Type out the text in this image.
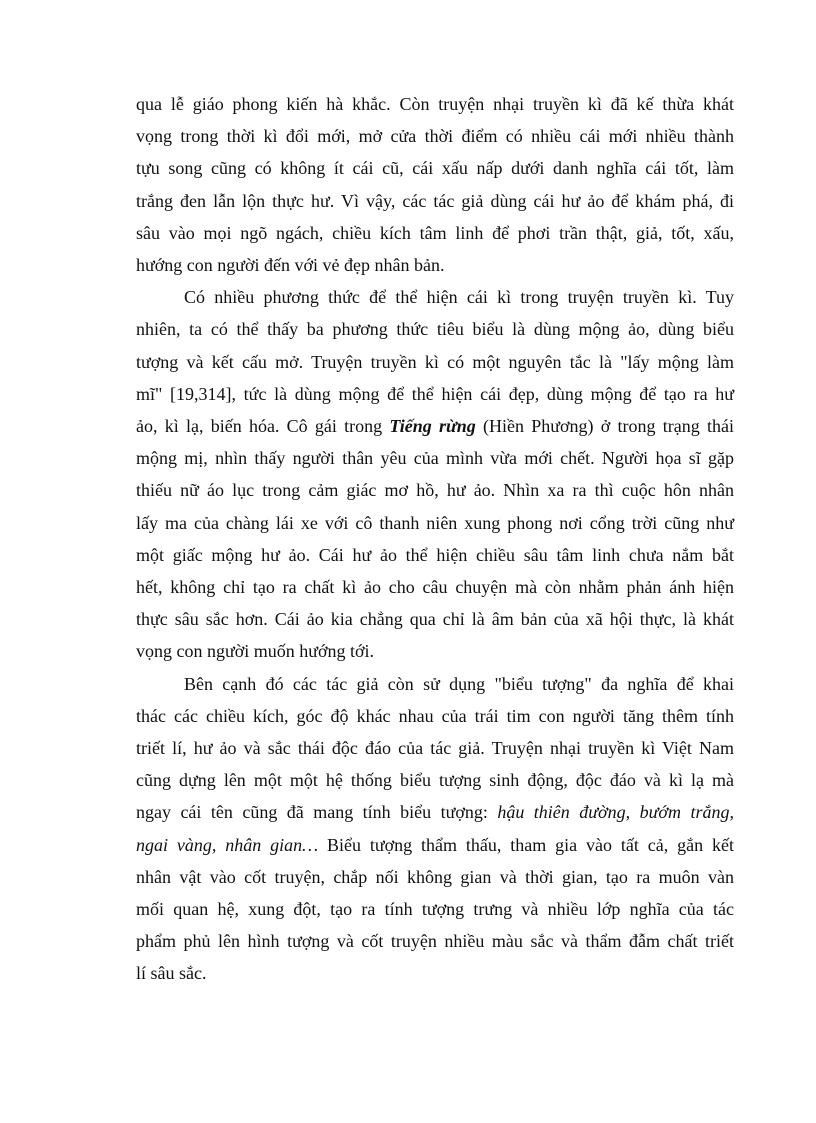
qua lễ giáo phong kiến hà khắc. Còn truyện nhại truyền kì đã kế thừa khát
vọng trong thời kì đổi mới, mở cửa thời điểm có nhiều cái mới nhiều thành
tựu song cũng có không ít cái cũ, cái xấu nấp dưới danh nghĩa cái tốt, làm
trắng đen lẫn lộn thực hư. Vì vậy, các tác giả dùng cái hư ảo để khám phá, đi
sâu vào mọi ngõ ngách, chiều kích tâm linh để phơi trần thật, giả, tốt, xấu,
hướng con người đến với vẻ đẹp nhân bản.
Có nhiều phương thức để thể hiện cái kì trong truyện truyền kì. Tuy
nhiên, ta có thể thấy ba phương thức tiêu biểu là dùng mộng ảo, dùng biểu
tượng và kết cấu mở. Truyện truyền kì có một nguyên tắc là "lấy mộng làm
mĩ" [19,314], tức là dùng mộng để thể hiện cái đẹp, dùng mộng để tạo ra hư
ảo, kì lạ, biến hóa. Cô gái trong Tiếng rừng (Hiền Phương) ở trong trạng thái
mộng mị, nhìn thấy người thân yêu của mình vừa mới chết. Người họa sĩ gặp
thiếu nữ áo lục trong cảm giác mơ hồ, hư ảo. Nhìn xa ra thì cuộc hôn nhân
lấy ma của chàng lái xe với cô thanh niên xung phong nơi cổng trời cũng như
một giấc mộng hư ảo. Cái hư ảo thể hiện chiều sâu tâm linh chưa nắm bắt
hết, không chỉ tạo ra chất kì ảo cho câu chuyện mà còn nhằm phản ánh hiện
thực sâu sắc hơn. Cái ảo kia chẳng qua chỉ là âm bản của xã hội thực, là khát
vọng con người muốn hướng tới.
Bên cạnh đó các tác giả còn sử dụng "biểu tượng" đa nghĩa để khai
thác các chiều kích, góc độ khác nhau của trái tim con người tăng thêm tính
triết lí, hư ảo và sắc thái độc đáo của tác giả. Truyện nhại truyền kì Việt Nam
cũng dựng lên một một hệ thống biểu tượng sinh động, độc đáo và kì lạ mà
ngay cái tên cũng đã mang tính biểu tượng: hậu thiên đường, bướm trắng,
ngai vàng, nhân gian… Biểu tượng thẩm thấu, tham gia vào tất cả, gắn kết
nhân vật vào cốt truyện, chắp nối không gian và thời gian, tạo ra muôn vàn
mối quan hệ, xung đột, tạo ra tính tượng trưng và nhiều lớp nghĩa của tác
phẩm phủ lên hình tượng và cốt truyện nhiều màu sắc và thẩm đẫm chất triết
lí sâu sắc.
